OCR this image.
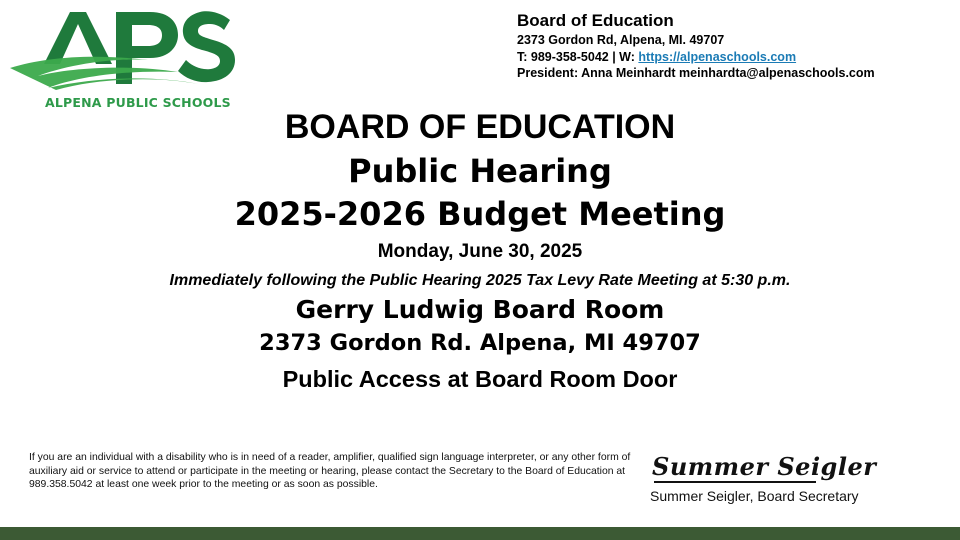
ALPENA PUBLIC SCHOOLS
Board of Education
2373 Gordon Rd, Alpena, MI. 49707
T: 989-358-5042 | W: https://alpenaschools.com
President: Anna Meinhardt meinhardta@alpenaschools.com
BOARD OF EDUCATION
Public Hearing
2025-2026 Budget Meeting
Monday, June 30, 2025
Immediately following the Public Hearing 2025 Tax Levy Rate Meeting at 5:30 p.m.
Gerry Ludwig Board Room
2373 Gordon Rd. Alpena, MI 49707
Public Access at Board Room Door
If you are an individual with a disability who is in need of a reader, amplifier, qualified sign language interpreter, or any other form of auxiliary aid or service to attend or participate in the meeting or hearing, please contact the Secretary to the Board of Education at 989.358.5042 at least one week prior to the meeting or as soon as possible.
Summer Seigler
Summer Seigler, Board Secretary
